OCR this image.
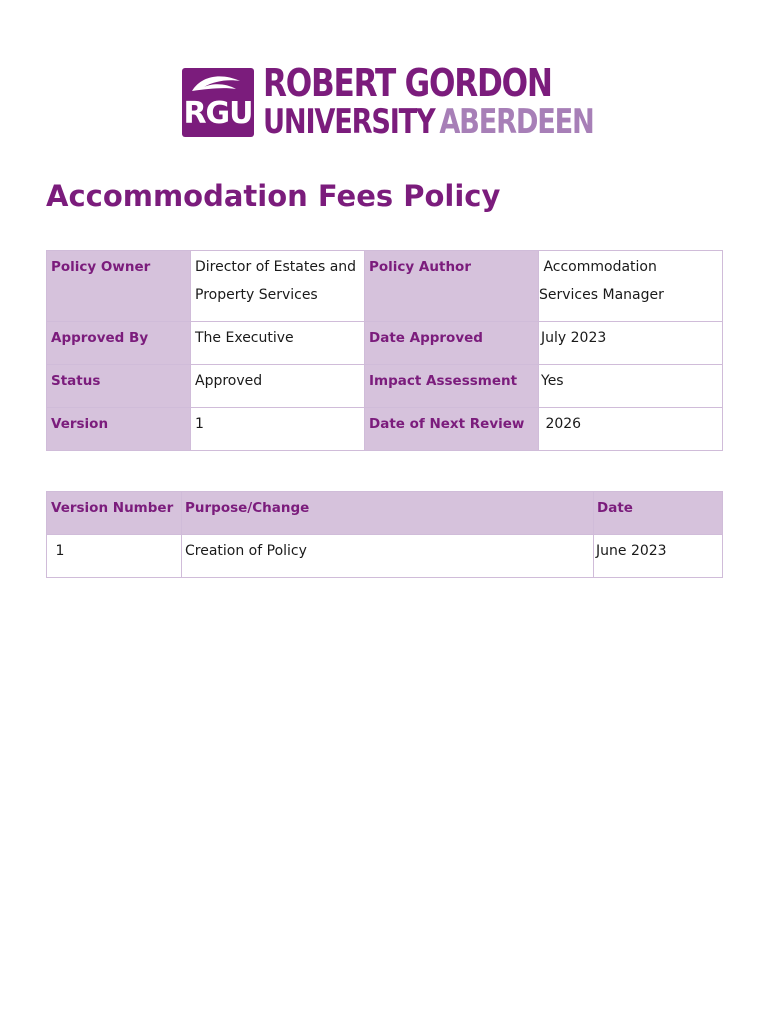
RGU
ROBERT GORDON
UNIVERSITY ABERDEEN
Accommodation Fees Policy
Policy Owner	Director of Estates and Property Services	Policy Author	Accommodation Services Manager
Approved By	The Executive	Date Approved	July 2023
Status	Approved	Impact Assessment	Yes
Version	1	Date of Next Review	2026
Version Number	Purpose/Change	Date
1	Creation of Policy	June 2023
